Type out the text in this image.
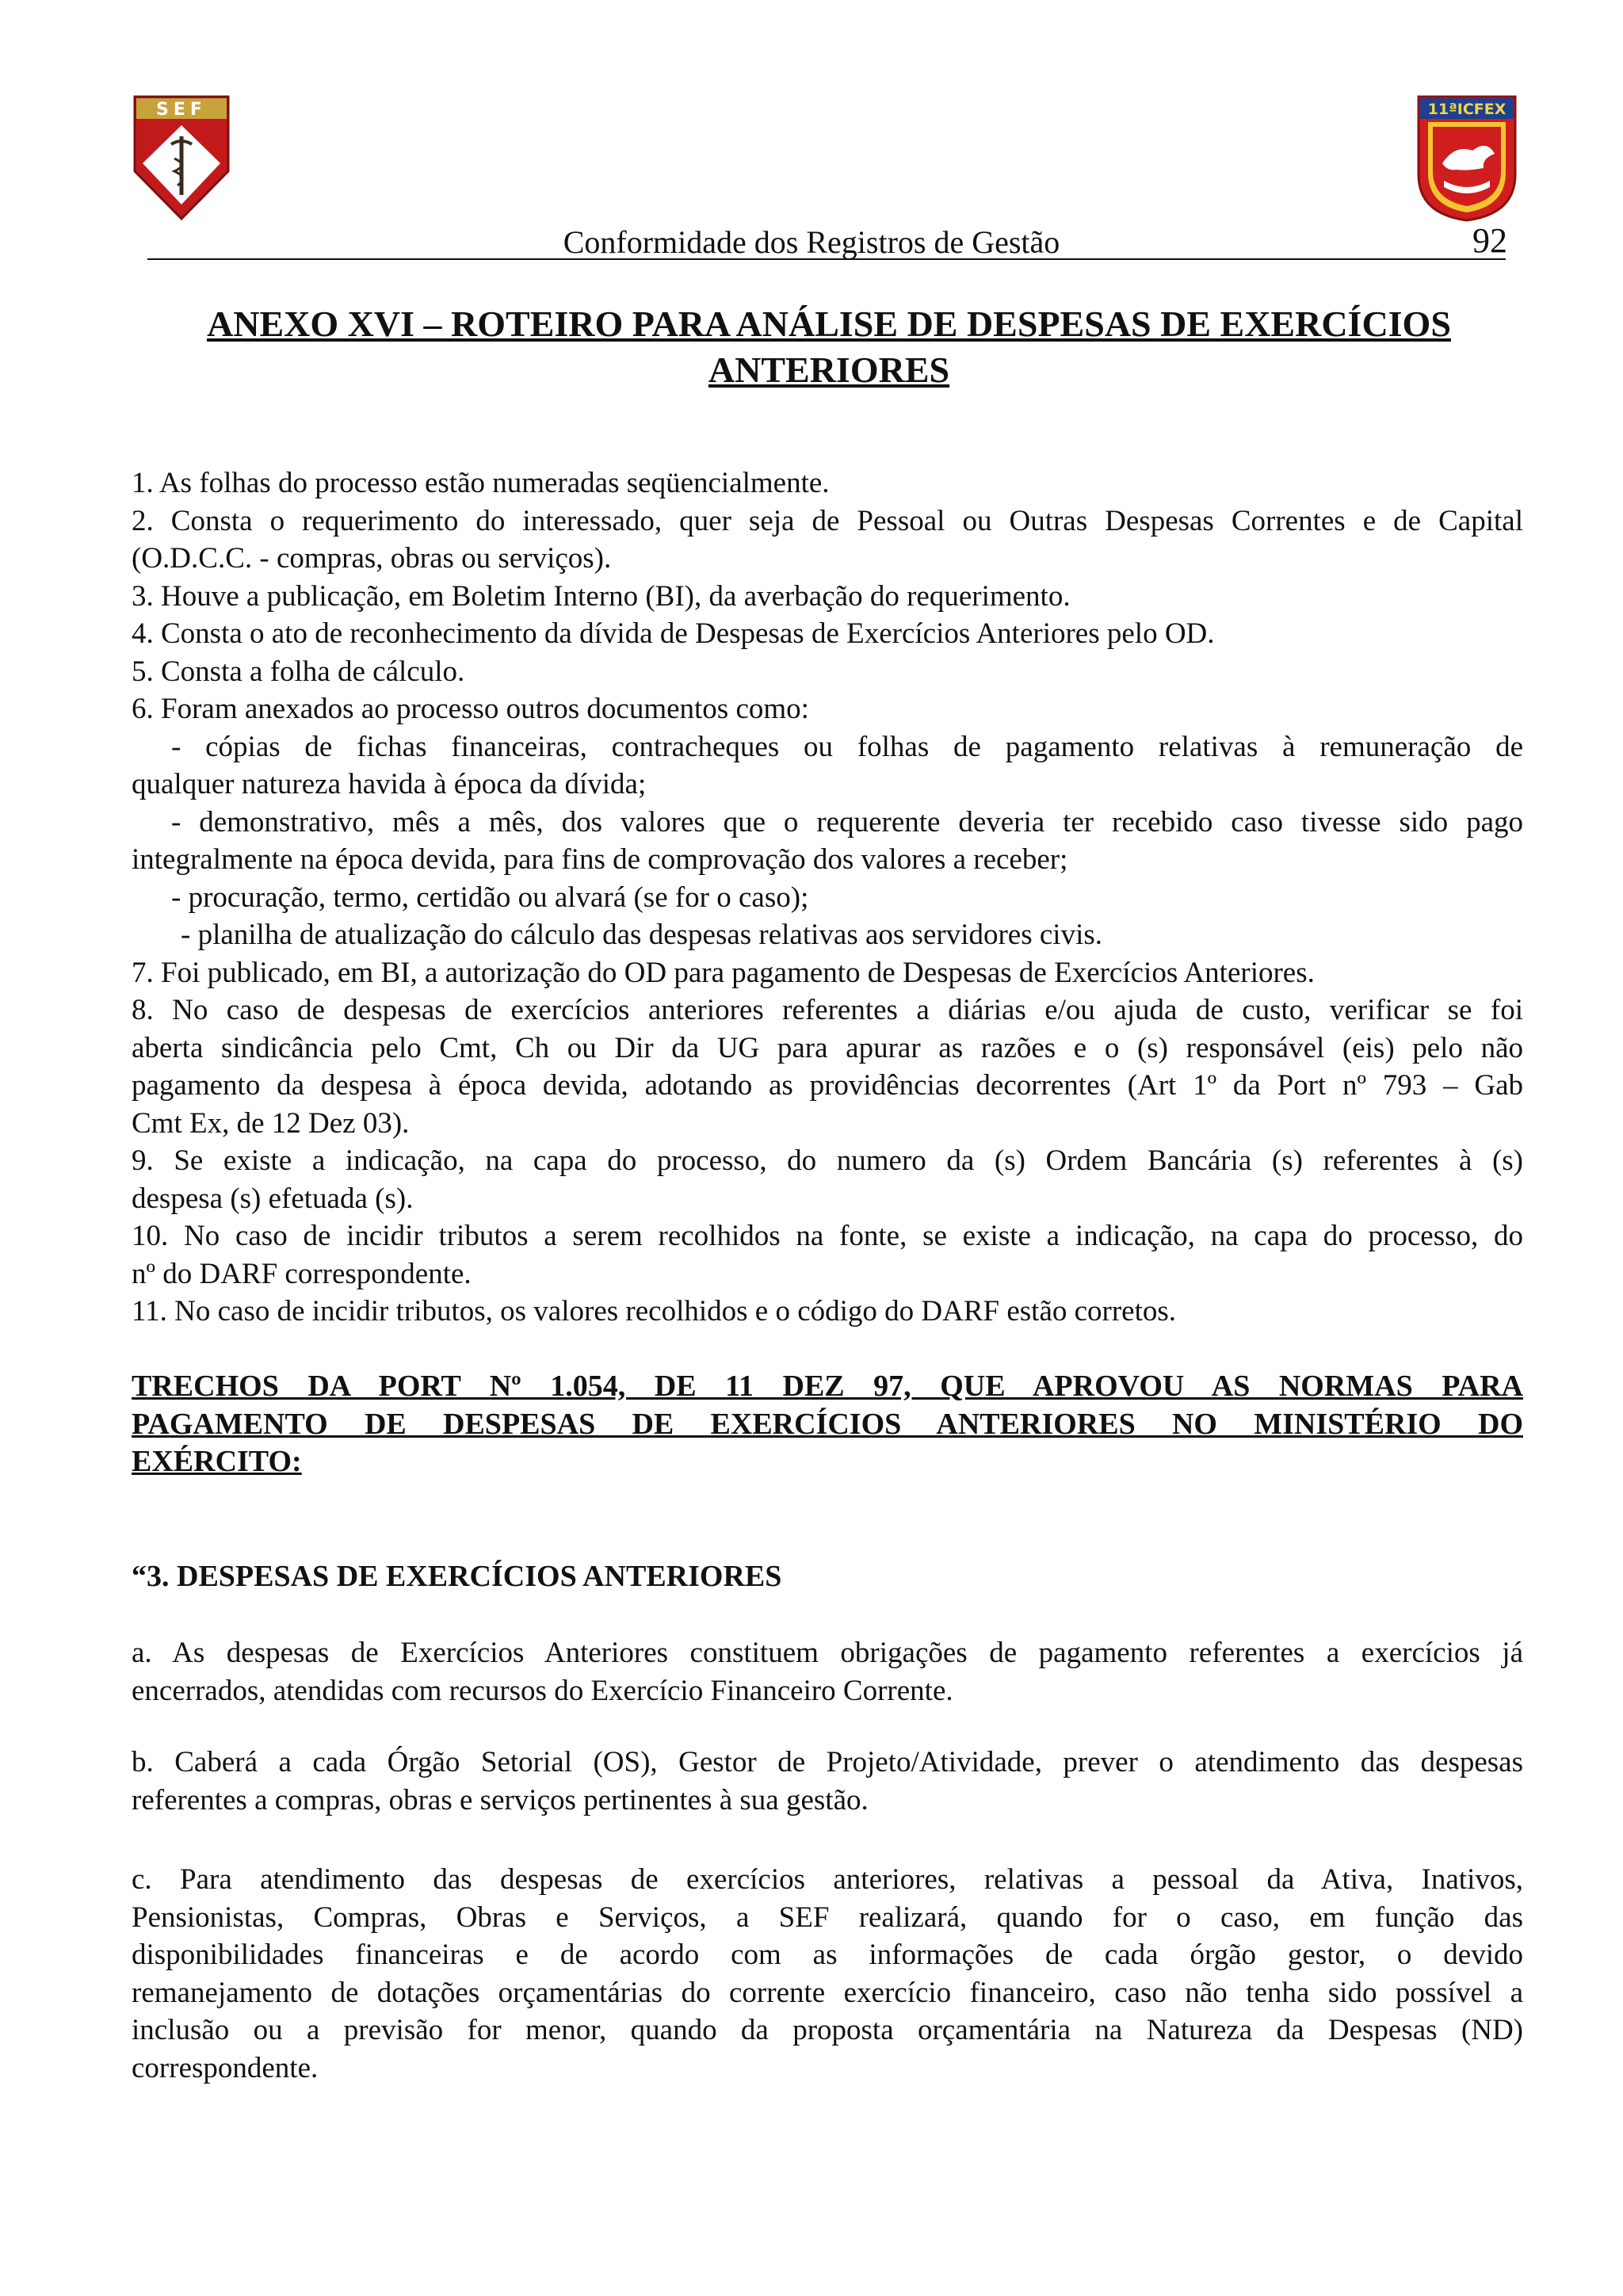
SEF	11ªICFEX
Conformidade dos Registros de Gestão	92
ANEXO XVI – ROTEIRO PARA ANÁLISE DE DESPESAS DE EXERCÍCIOS
ANTERIORES
1. As folhas do processo estão numeradas seqüencialmente.
2. Consta o requerimento do interessado, quer seja de Pessoal ou Outras Despesas Correntes e de Capital
(O.D.C.C. - compras, obras ou serviços).
3. Houve a publicação, em Boletim Interno (BI), da averbação do requerimento.
4. Consta o ato de reconhecimento da dívida de Despesas de Exercícios Anteriores pelo OD.
5. Consta a folha de cálculo.
6. Foram anexados ao processo outros documentos como:
- cópias de fichas financeiras, contracheques ou folhas de pagamento relativas à remuneração de
qualquer natureza havida à época da dívida;
- demonstrativo, mês a mês, dos valores que o requerente deveria ter recebido caso tivesse sido pago
integralmente na época devida, para fins de comprovação dos valores a receber;
- procuração, termo, certidão ou alvará (se for o caso);
- planilha de atualização do cálculo das despesas relativas aos servidores civis.
7. Foi publicado, em BI, a autorização do OD para pagamento de Despesas de Exercícios Anteriores.
8. No caso de despesas de exercícios anteriores referentes a diárias e/ou ajuda de custo, verificar se foi
aberta sindicância pelo Cmt, Ch ou Dir da UG para apurar as razões e o (s) responsável (eis) pelo não
pagamento da despesa à época devida, adotando as providências decorrentes (Art 1º da Port nº 793 – Gab
Cmt Ex, de 12 Dez 03).
9. Se existe a indicação, na capa do processo, do numero da (s) Ordem Bancária (s) referentes à (s)
despesa (s) efetuada (s).
10. No caso de incidir tributos a serem recolhidos na fonte, se existe a indicação, na capa do processo, do
nº do DARF correspondente.
11. No caso de incidir tributos, os valores recolhidos e o código do DARF estão corretos.
TRECHOS DA PORT Nº 1.054, DE 11 DEZ 97, QUE APROVOU AS NORMAS PARA
PAGAMENTO DE DESPESAS DE EXERCÍCIOS ANTERIORES NO MINISTÉRIO DO
EXÉRCITO:
“3. DESPESAS DE EXERCÍCIOS ANTERIORES
a. As despesas de Exercícios Anteriores constituem obrigações de pagamento referentes a exercícios já
encerrados, atendidas com recursos do Exercício Financeiro Corrente.
b. Caberá a cada Órgão Setorial (OS), Gestor de Projeto/Atividade, prever o atendimento das despesas
referentes a compras, obras e serviços pertinentes à sua gestão.
c. Para atendimento das despesas de exercícios anteriores, relativas a pessoal da Ativa, Inativos,
Pensionistas, Compras, Obras e Serviços, a SEF realizará, quando for o caso, em função das
disponibilidades financeiras e de acordo com as informações de cada órgão gestor, o devido
remanejamento de dotações orçamentárias do corrente exercício financeiro, caso não tenha sido possível a
inclusão ou a previsão for menor, quando da proposta orçamentária na Natureza da Despesas (ND)
correspondente.
